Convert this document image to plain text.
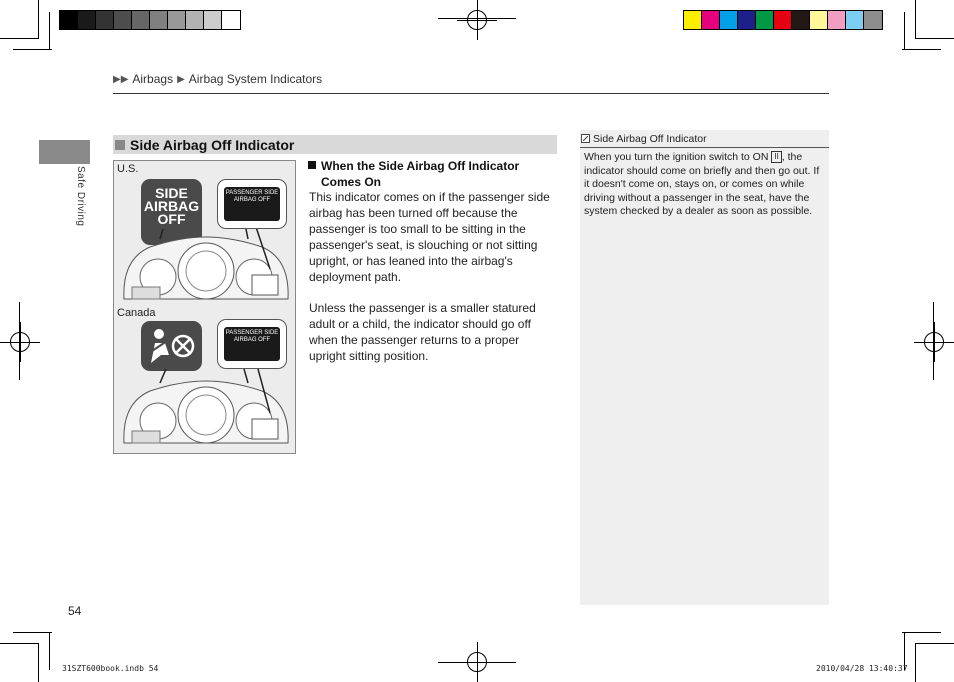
▶▶ Airbags ▶ Airbag System Indicators
Safe Driving
Side Airbag Off Indicator
U.S.
SIDE
AIRBAG
OFF
PASSENGER SIDE AIRBAG OFF
Canada
PASSENGER SIDE AIRBAG OFF
When the Side Airbag Off Indicator
Comes On
This indicator comes on if the passenger side airbag has been turned off because the passenger is too small to be sitting in the passenger's seat, is slouching or not sitting upright, or has leaned into the airbag's deployment path.
Unless the passenger is a smaller statured adult or a child, the indicator should go off when the passenger returns to a proper upright sitting position.
Side Airbag Off Indicator
When you turn the ignition switch to ON II , the indicator should come on briefly and then go out. If it doesn't come on, stays on, or comes on while driving without a passenger in the seat, have the system checked by a dealer as soon as possible.
54
31SZT600book.indb 54	2010/04/28 13:40:37
